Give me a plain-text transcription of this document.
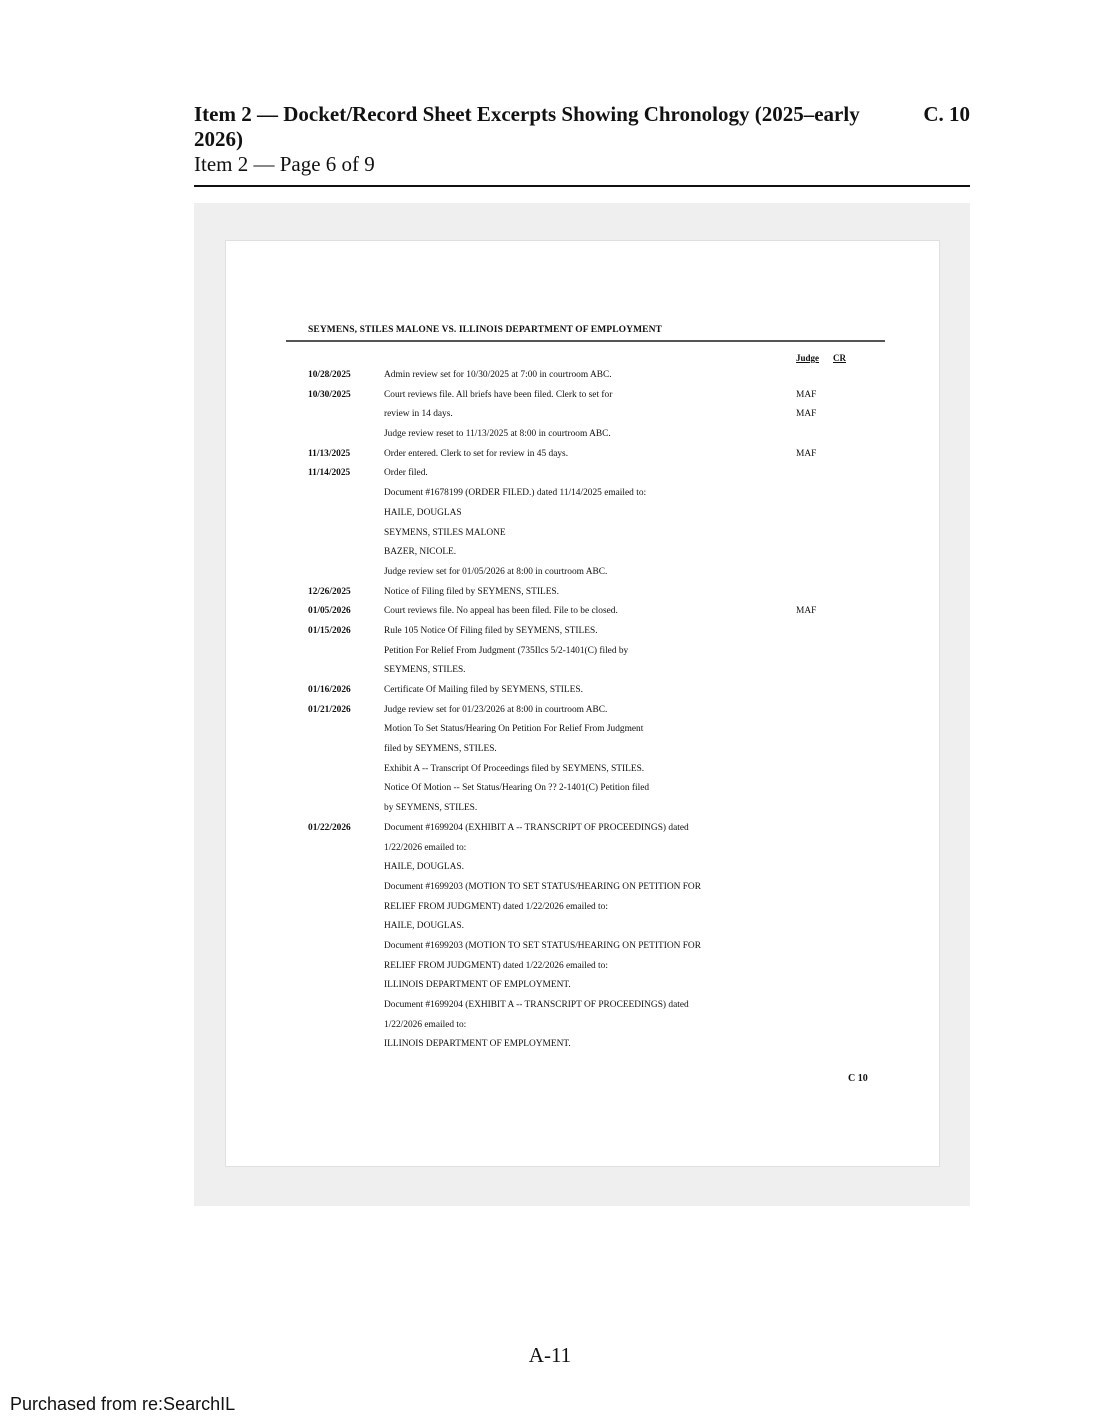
Item 2 — Docket/Record Sheet Excerpts Showing Chronology (2025–early 2026)
C. 10
Item 2 — Page 6 of 9
SEYMENS, STILES MALONE VS. ILLINOIS DEPARTMENT OF EMPLOYMENT
Judge CR
10/28/2025	Admin review set for 10/30/2025 at 7:00 in courtroom ABC.
10/30/2025	Court reviews file. All briefs have been filed. Clerk to set for	MAF
review in 14 days.	MAF
Judge review reset to 11/13/2025 at 8:00 in courtroom ABC.
11/13/2025	Order entered. Clerk to set for review in 45 days.	MAF
11/14/2025	Order filed.
Document #1678199 (ORDER FILED.) dated 11/14/2025 emailed to:
HAILE, DOUGLAS
SEYMENS, STILES MALONE
BAZER, NICOLE.
Judge review set for 01/05/2026 at 8:00 in courtroom ABC.
12/26/2025	Notice of Filing filed by SEYMENS, STILES.
01/05/2026	Court reviews file. No appeal has been filed. File to be closed.	MAF
01/15/2026	Rule 105 Notice Of Filing filed by SEYMENS, STILES.
Petition For Relief From Judgment (735Ilcs 5/2-1401(C) filed by
SEYMENS, STILES.
01/16/2026	Certificate Of Mailing filed by SEYMENS, STILES.
01/21/2026	Judge review set for 01/23/2026 at 8:00 in courtroom ABC.
Motion To Set Status/Hearing On Petition For Relief From Judgment
filed by SEYMENS, STILES.
Exhibit A -- Transcript Of Proceedings filed by SEYMENS, STILES.
Notice Of Motion -- Set Status/Hearing On ?? 2-1401(C) Petition filed
by SEYMENS, STILES.
01/22/2026	Document #1699204 (EXHIBIT A -- TRANSCRIPT OF PROCEEDINGS) dated
1/22/2026 emailed to:
HAILE, DOUGLAS.
Document #1699203 (MOTION TO SET STATUS/HEARING ON PETITION FOR
RELIEF FROM JUDGMENT) dated 1/22/2026 emailed to:
HAILE, DOUGLAS.
Document #1699203 (MOTION TO SET STATUS/HEARING ON PETITION FOR
RELIEF FROM JUDGMENT) dated 1/22/2026 emailed to:
ILLINOIS DEPARTMENT OF EMPLOYMENT.
Document #1699204 (EXHIBIT A -- TRANSCRIPT OF PROCEEDINGS) dated
1/22/2026 emailed to:
ILLINOIS DEPARTMENT OF EMPLOYMENT.
C 10
A-11
Purchased from re:SearchIL
